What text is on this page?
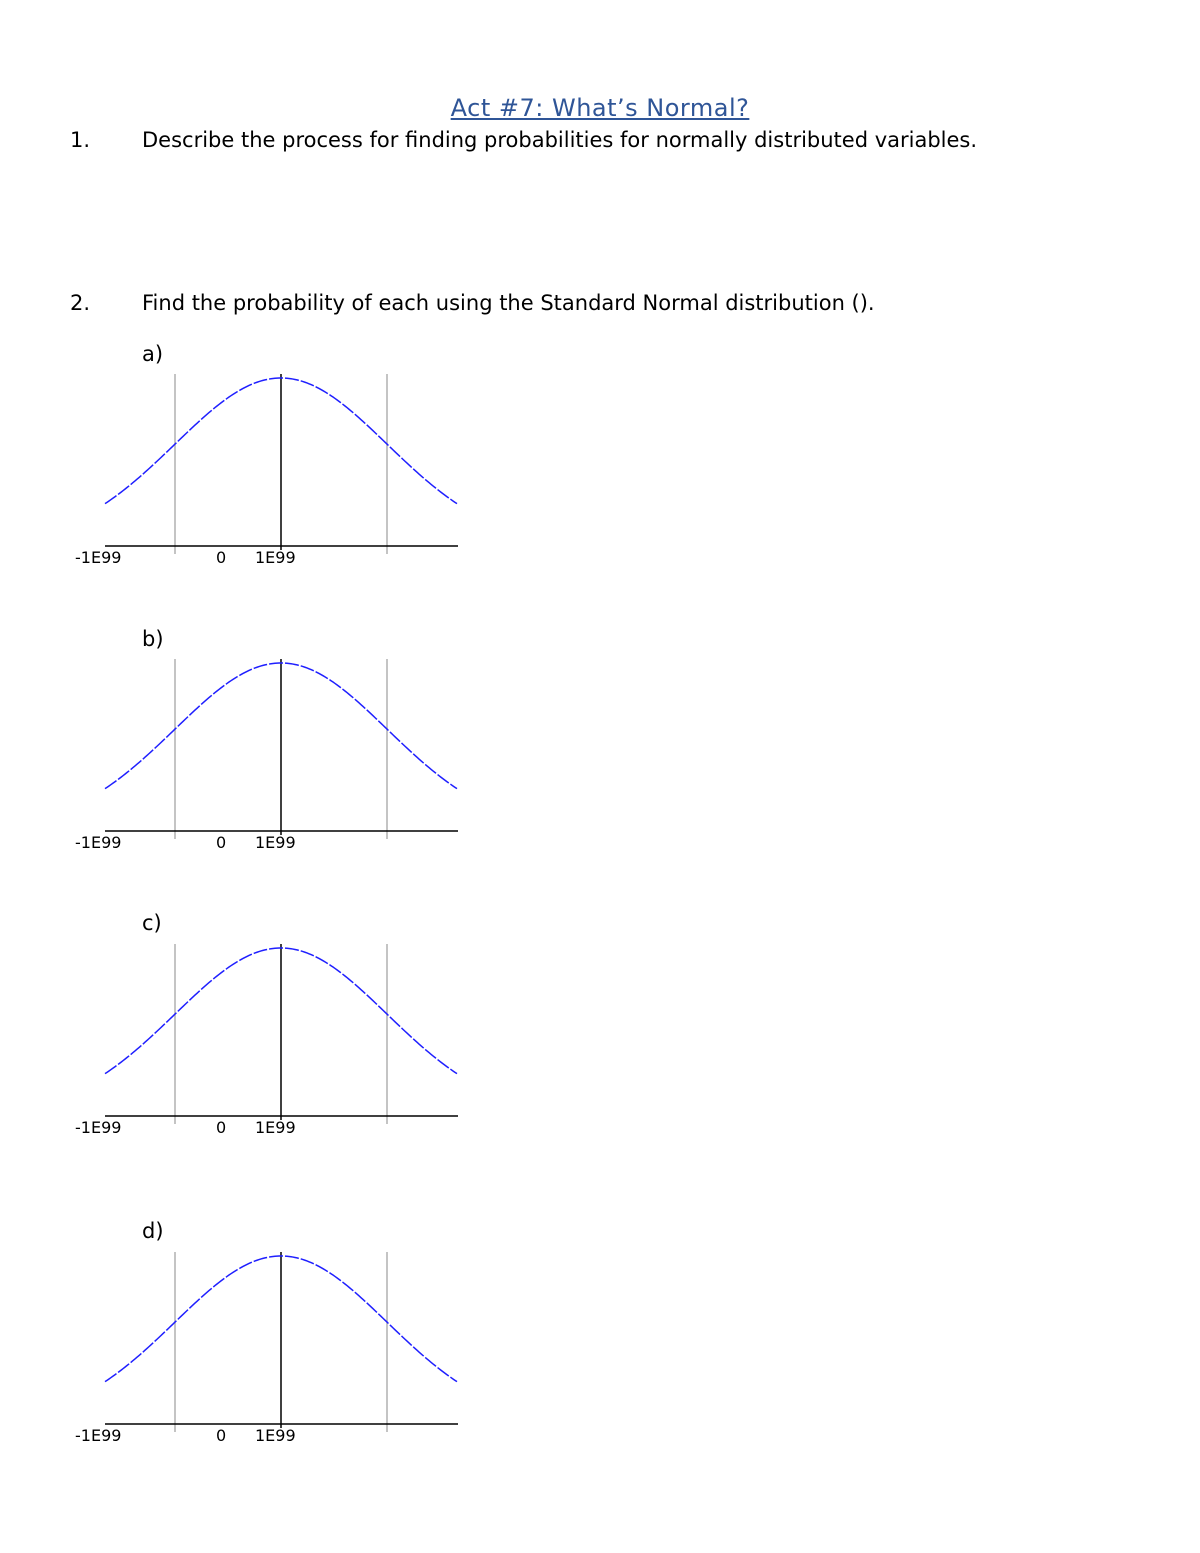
Act #7: What’s Normal?
1. Describe the process for finding probabilities for normally distributed variables.
2. Find the probability of each using the Standard Normal distribution ().
a)
-1E99	0 1E99
b)
-1E99	0 1E99
c)
-1E99	0 1E99
d)
-1E99	0 1E99
